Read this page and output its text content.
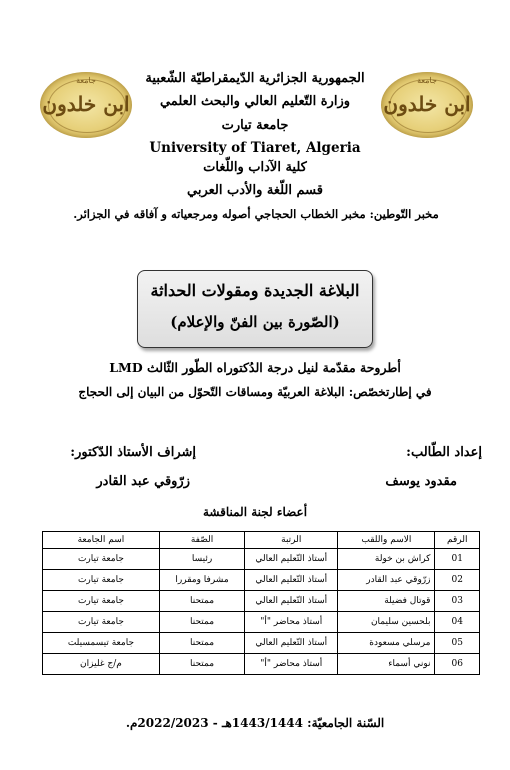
جامعة
ابن خلدون
جامعة
ابن خلدون
الجمهورية الجزائرية الدّيمقراطيّة الشّعبية
وزارة التّعليم العالي والبحث العلمي
جامعة تيارت
University of Tiaret, Algeria
كلية الآداب واللّغات
قسم اللّغة والأدب العربي
مخبر التّوطين: مخبر الخطاب الحجاجي أصوله ومرجعياته و آفاقه في الجزائر.
البلاغة الجديدة ومقولات الحداثة
(الصّورة بين الفنّ والإعلام)
أطروحة مقدّمة لنيل درجة الدُكتوراه الطّور الثّالث LMD
في إطارتخصّص: البلاغة العربيّة ومساقات التّحوّل من البيان إلى الحجاج
إعداد الطّالب:
مقدود يوسف
إشراف الأستاذ الدّكتور:
زرّوقي عبد القادر
أعضاء لجنة المناقشة
الرقم	الاسم واللقب	الرتبة	الصّفة	اسم الجامعة
01	كراش بن خولة	أستاذ التّعليم العالي	رئيسا	جامعة تيارت
02	زرّوقي عبد القادر	أستاذ التّعليم العالي	مشرفا ومقررا	جامعة تيارت
03	قوتال فضيلة	أستاذ التّعليم العالي	ممتحنا	جامعة تيارت
04	بلحسين سليمان	أستاذ محاضر "أ"	ممتحنا	جامعة تيارت
05	مرسلي مسعودة	أستاذ التّعليم العالي	ممتحنا	جامعة تيسمسيلت
06	نوني أسماء	أستاذ محاضر "أ"	ممتحنا	م/ج غليزان
السّنة الجامعيّة: 1443/1444هـ - 2022/2023م.
